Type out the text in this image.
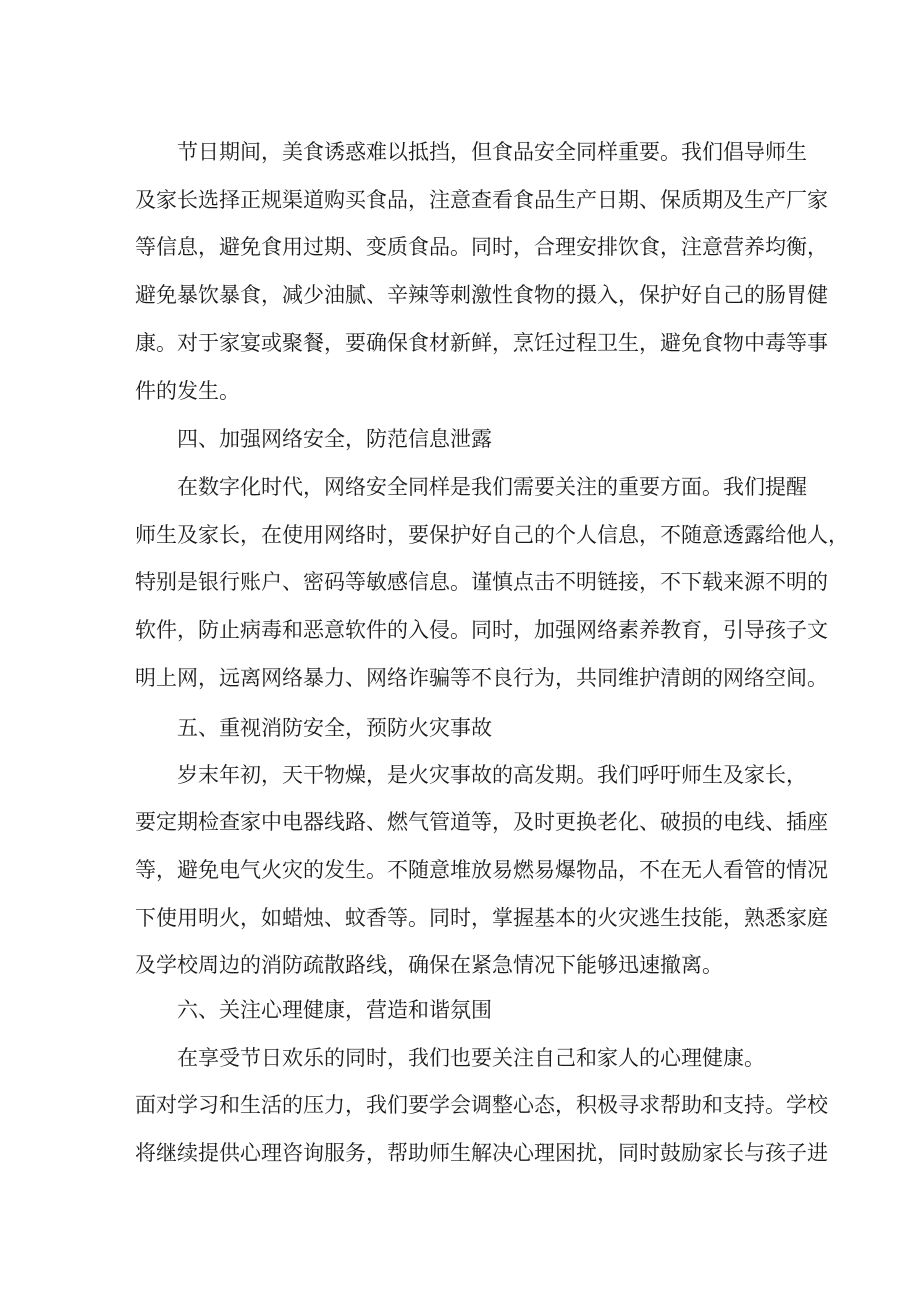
　　节日期间，美食诱惑难以抵挡，但食品安全同样重要。我们倡导师生
及家长选择正规渠道购买食品，注意查看食品生产日期、保质期及生产厂家
等信息，避免食用过期、变质食品。同时，合理安排饮食，注意营养均衡，
避免暴饮暴食，减少油腻、辛辣等刺激性食物的摄入，保护好自己的肠胃健
康。对于家宴或聚餐，要确保食材新鲜，烹饪过程卫生，避免食物中毒等事
件的发生。
　　四、加强网络安全，防范信息泄露
　　在数字化时代，网络安全同样是我们需要关注的重要方面。我们提醒
师生及家长，在使用网络时，要保护好自己的个人信息，不随意透露给他人，
特别是银行账户、密码等敏感信息。谨慎点击不明链接，不下载来源不明的
软件，防止病毒和恶意软件的入侵。同时，加强网络素养教育，引导孩子文
明上网，远离网络暴力、网络诈骗等不良行为，共同维护清朗的网络空间。
　　五、重视消防安全，预防火灾事故
　　岁末年初，天干物燥，是火灾事故的高发期。我们呼吁师生及家长，
要定期检查家中电器线路、燃气管道等，及时更换老化、破损的电线、插座
等，避免电气火灾的发生。不随意堆放易燃易爆物品，不在无人看管的情况
下使用明火，如蜡烛、蚊香等。同时，掌握基本的火灾逃生技能，熟悉家庭
及学校周边的消防疏散路线，确保在紧急情况下能够迅速撤离。
　　六、关注心理健康，营造和谐氛围
　　在享受节日欢乐的同时，我们也要关注自己和家人的心理健康。
面对学习和生活的压力，我们要学会调整心态，积极寻求帮助和支持。学校
将继续提供心理咨询服务，帮助师生解决心理困扰，同时鼓励家长与孩子进
